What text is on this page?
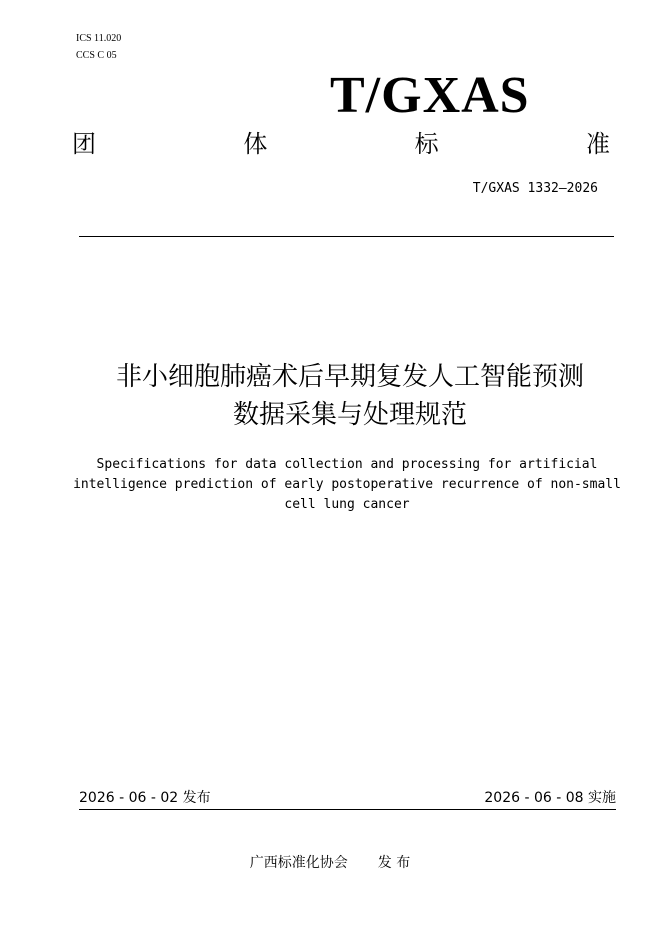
ICS 11.020
CCS C 05
T/GXAS
团	体	标	准
T/GXAS 1332—2026
非小细胞肺癌术后早期复发人工智能预测
数据采集与处理规范
Specifications for data collection and processing for artificial
intelligence prediction of early postoperative recurrence of non-small
cell lung cancer
2026 - 06 - 02 发布	2026 - 06 - 08 实施
广西标准化协会 发 布
